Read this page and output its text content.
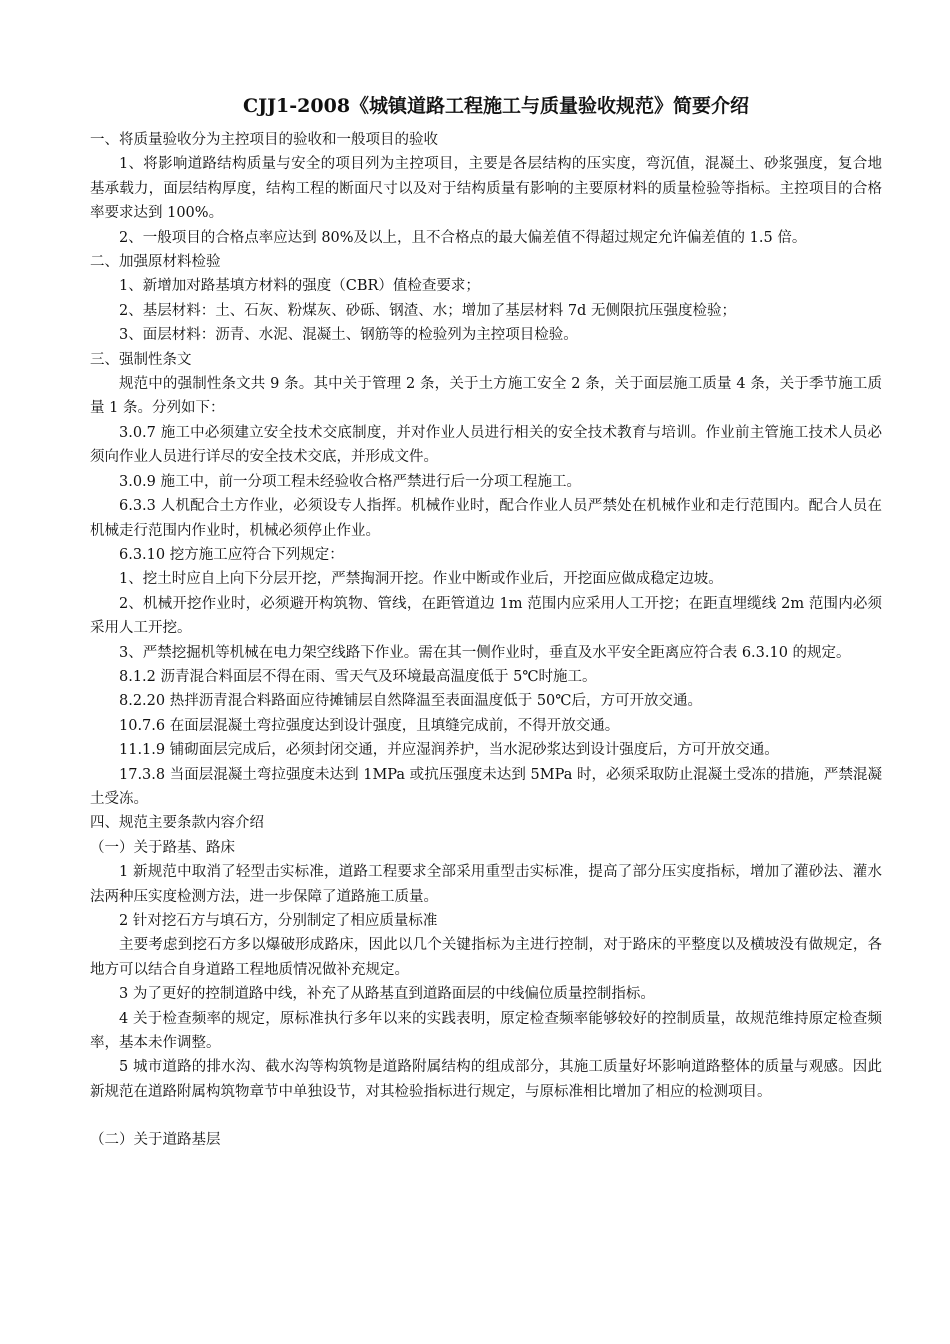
CJJ1-2008《城镇道路工程施工与质量验收规范》简要介绍

一、将质量验收分为主控项目的验收和一般项目的验收

1、将影响道路结构质量与安全的项目列为主控项目，主要是各层结构的压实度，弯沉值，混凝土、砂浆强度，复合地基承载力，面层结构厚度，结构工程的断面尺寸以及对于结构质量有影响的主要原材料的质量检验等指标。主控项目的合格率要求达到 100%。

2、一般项目的合格点率应达到 80%及以上，且不合格点的最大偏差值不得超过规定允许偏差值的 1.5 倍。

二、加强原材料检验

1、新增加对路基填方材料的强度（CBR）值检查要求；

2、基层材料：土、石灰、粉煤灰、砂砾、钢渣、水；增加了基层材料 7d 无侧限抗压强度检验；

3、面层材料：沥青、水泥、混凝土、钢筋等的检验列为主控项目检验。

三、强制性条文

规范中的强制性条文共 9 条。其中关于管理 2 条，关于土方施工安全 2 条，关于面层施工质量 4 条，关于季节施工质量 1 条。分列如下：

3.0.7 施工中必须建立安全技术交底制度，并对作业人员进行相关的安全技术教育与培训。作业前主管施工技术人员必须向作业人员进行详尽的安全技术交底，并形成文件。

3.0.9 施工中，前一分项工程未经验收合格严禁进行后一分项工程施工。

6.3.3 人机配合土方作业，必须设专人指挥。机械作业时，配合作业人员严禁处在机械作业和走行范围内。配合人员在机械走行范围内作业时，机械必须停止作业。

6.3.10 挖方施工应符合下列规定：

1、挖土时应自上向下分层开挖，严禁掏洞开挖。作业中断或作业后，开挖面应做成稳定边坡。

2、机械开挖作业时，必须避开构筑物、管线，在距管道边 1m 范围内应采用人工开挖；在距直埋缆线 2m 范围内必须采用人工开挖。

3、严禁挖掘机等机械在电力架空线路下作业。需在其一侧作业时，垂直及水平安全距离应符合表 6.3.10 的规定。

8.1.2 沥青混合料面层不得在雨、雪天气及环境最高温度低于 5℃时施工。

8.2.20 热拌沥青混合料路面应待摊铺层自然降温至表面温度低于 50℃后，方可开放交通。

10.7.6 在面层混凝土弯拉强度达到设计强度，且填缝完成前，不得开放交通。

11.1.9 铺砌面层完成后，必须封闭交通，并应湿润养护，当水泥砂浆达到设计强度后，方可开放交通。

17.3.8 当面层混凝土弯拉强度未达到 1MPa 或抗压强度未达到 5MPa 时，必须采取防止混凝土受冻的措施，严禁混凝土受冻。

四、规范主要条款内容介绍

（一）关于路基、路床

1 新规范中取消了轻型击实标准，道路工程要求全部采用重型击实标准，提高了部分压实度指标，增加了灌砂法、灌水法两种压实度检测方法，进一步保障了道路施工质量。

2 针对挖石方与填石方，分别制定了相应质量标准

主要考虑到挖石方多以爆破形成路床，因此以几个关键指标为主进行控制，对于路床的平整度以及横坡没有做规定，各地方可以结合自身道路工程地质情况做补充规定。

3 为了更好的控制道路中线，补充了从路基直到道路面层的中线偏位质量控制指标。

4 关于检查频率的规定，原标准执行多年以来的实践表明，原定检查频率能够较好的控制质量，故规范维持原定检查频率，基本未作调整。

5 城市道路的排水沟、截水沟等构筑物是道路附属结构的组成部分，其施工质量好坏影响道路整体的质量与观感。因此新规范在道路附属构筑物章节中单独设节，对其检验指标进行规定，与原标准相比增加了相应的检测项目。

（二）关于道路基层
